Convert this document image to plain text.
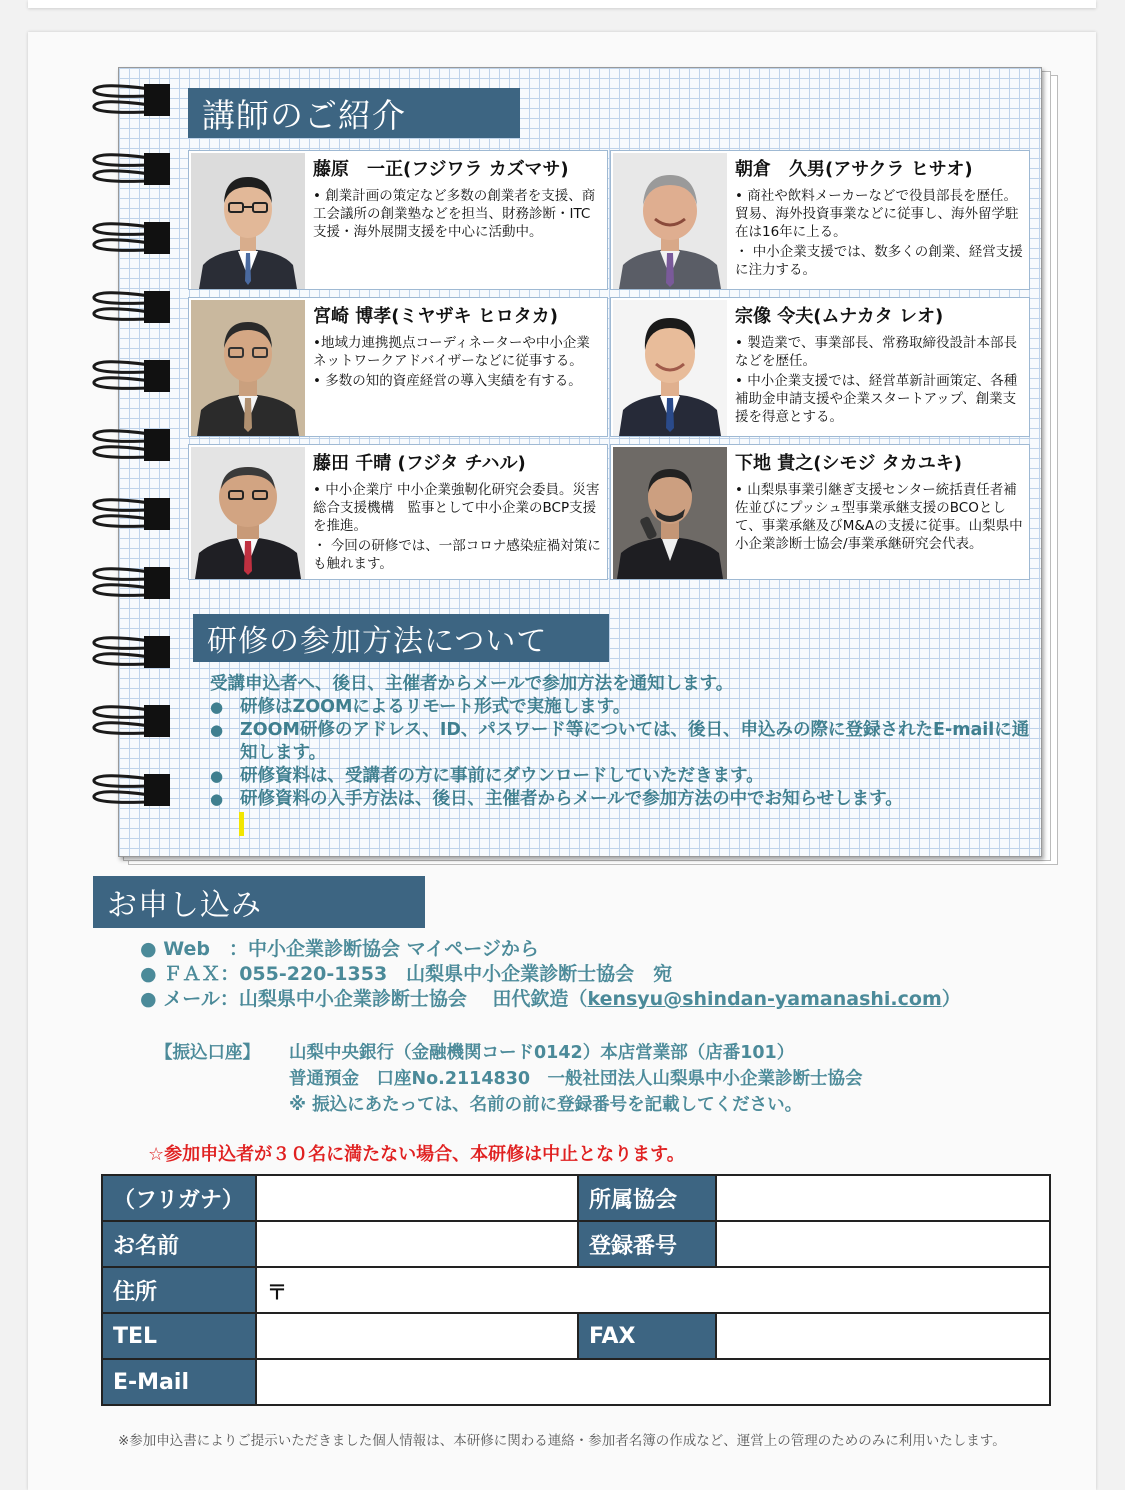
講師のご紹介
藤原　一正(フジワラ カズマサ)

• 創業計画の策定など多数の創業者を支援、商工会議所の創業塾などを担当、財務診断・ITC支援・海外展開支援を中心に活動中。

朝倉　久男(アサクラ ヒサオ)

• 商社や飲料メーカーなどで役員部長を歴任。貿易、海外投資事業などに従事し、海外留学駐在は16年に上る。

・ 中小企業支援では、数多くの創業、経営支援に注力する。

宮崎 博孝(ミヤザキ ヒロタカ)

•地域力連携拠点コーディネーターや中小企業ネットワークアドバイザーなどに従事する。

• 多数の知的資産経営の導入実績を有する。

宗像 令夫(ムナカタ レオ)

• 製造業で、事業部長、常務取締役設計本部長などを歴任。

• 中小企業支援では、経営革新計画策定、各種補助金申請支援や企業スタートアップ、創業支援を得意とする。

藤田 千晴 (フジタ チハル)

• 中小企業庁 中小企業強靭化研究会委員。災害総合支援機構　監事として中小企業のBCP支援を推進。

・ 今回の研修では、一部コロナ感染症禍対策にも触れます。

下地 貴之(シモジ タカユキ)

• 山梨県事業引継ぎ支援センター統括責任者補佐並びにプッシュ型事業承継支援のBCOとして、事業承継及びM&Aの支援に従事。山梨県中小企業診断士協会/事業承継研究会代表。

研修の参加方法について
受講申込者へ、後日、主催者からメールで参加方法を通知します。
● 研修はZOOMによるリモート形式で実施します。
● ZOOM研修のアドレス、ID、パスワード等については、後日、申込みの際に登録されたE-mailに通知します。
● 研修資料は、受講者の方に事前にダウンロードしていただきます。
● 研修資料の入手方法は、後日、主催者からメールで参加方法の中でお知らせします。
お申し込み
● Web　：中小企業診断協会 マイページから
● ＦＡＸ：055-220-1353　山梨県中小企業診断士協会　宛
● メール：山梨県中小企業診断士協会　 田代欽造（kensyu@shindan-yamanashi.com）
【振込口座】	山梨中央銀行（金融機関コード0142）本店営業部（店番101）
普通預金　口座No.2114830　一般社団法人山梨県中小企業診断士協会
※ 振込にあたっては、名前の前に登録番号を記載してください。
☆参加申込者が３０名に満たない場合、本研修は中止となります。
（フリガナ）		所属協会	
お名前		登録番号	
住所	〒		
TEL		FAX	
E-Mail			
※参加申込書によりご提示いただきました個人情報は、本研修に関わる連絡・参加者名簿の作成など、運営上の管理のためのみに利用いたします。
